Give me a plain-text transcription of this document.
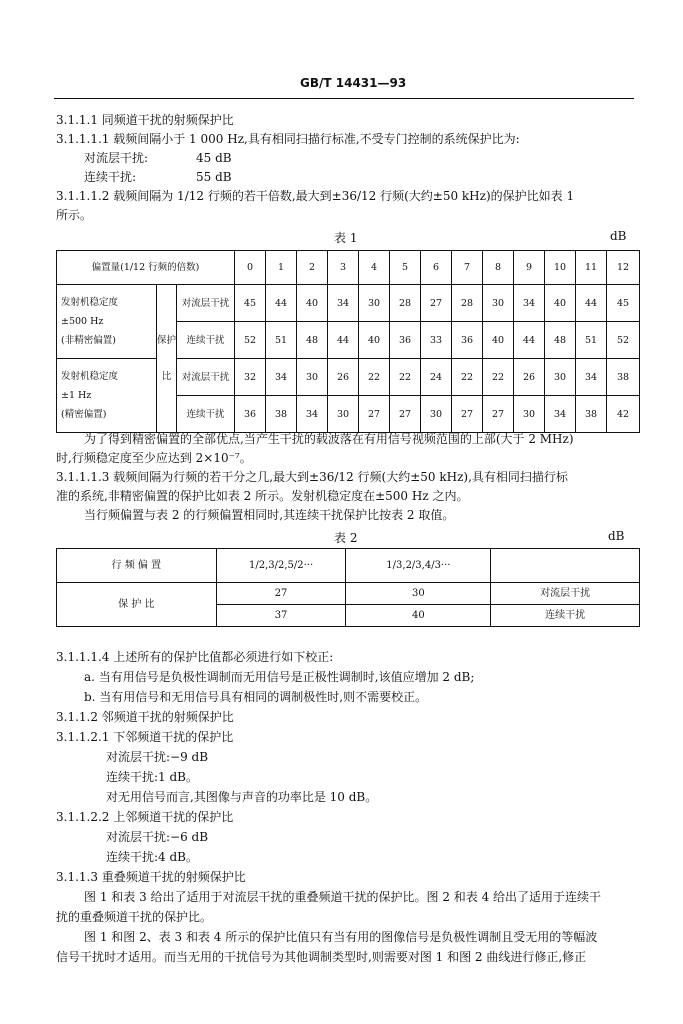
GB/T 14431—93
3.1.1.1 同频道干扰的射频保护比
3.1.1.1.1 载频间隔小于 1 000 Hz,具有相同扫描行标准,不受专门控制的系统保护比为:
对流层干扰:	45 dB
连续干扰:	55 dB
3.1.1.1.2 载频间隔为 1/12 行频的若干倍数,最大到±36/12 行频(大约±50 kHz)的保护比如表 1
所示。
表 1	dB
偏置量(1/12 行频的倍数)			0	1	2	3	4	5	6	7	8	9	10	11	12
发射机稳定度
±500 Hz
(非精密偏置)	保护比	对流层干扰	45	44	40	34	30	28	27	28	30	34	40	44	45
		连续干扰	52	51	48	44	40	36	33	36	40	44	48	51	52
发射机稳定度
±1 Hz
(精密偏置)		对流层干扰	32	34	30	26	22	22	24	22	22	26	30	34	38
		连续干扰	36	38	34	30	27	27	30	27	27	30	34	38	42
为了得到精密偏置的全部优点,当产生干扰的载波落在有用信号视频范围的上部(大于 2 MHz)
时,行频稳定度至少应达到 2×10⁻⁷。
3.1.1.1.3 载频间隔为行频的若干分之几,最大到±36/12 行频(大约±50 kHz),具有相同扫描行标
准的系统,非精密偏置的保护比如表 2 所示。发射机稳定度在±500 Hz 之内。
当行频偏置与表 2 的行频偏置相同时,其连续干扰保护比按表 2 取值。
表 2	dB
行 频 偏 置	1/2,3/2,5/2···	1/3,2/3,4/3···	
保 护 比	27	30	对流层干扰
	37	40	连续干扰
3.1.1.1.4 上述所有的保护比值都必须进行如下校正:
a. 当有用信号是负极性调制而无用信号是正极性调制时,该值应增加 2 dB;
b. 当有用信号和无用信号具有相同的调制极性时,则不需要校正。
3.1.1.2 邻频道干扰的射频保护比
3.1.1.2.1 下邻频道干扰的保护比
对流层干扰:−9 dB
连续干扰:1 dB。
对无用信号而言,其图像与声音的功率比是 10 dB。
3.1.1.2.2 上邻频道干扰的保护比
对流层干扰:−6 dB
连续干扰:4 dB。
3.1.1.3 重叠频道干扰的射频保护比
图 1 和表 3 给出了适用于对流层干扰的重叠频道干扰的保护比。图 2 和表 4 给出了适用于连续干
扰的重叠频道干扰的保护比。
图 1 和图 2、表 3 和表 4 所示的保护比值只有当有用的图像信号是负极性调制且受无用的等幅波
信号干扰时才适用。而当无用的干扰信号为其他调制类型时,则需要对图 1 和图 2 曲线进行修正,修正
